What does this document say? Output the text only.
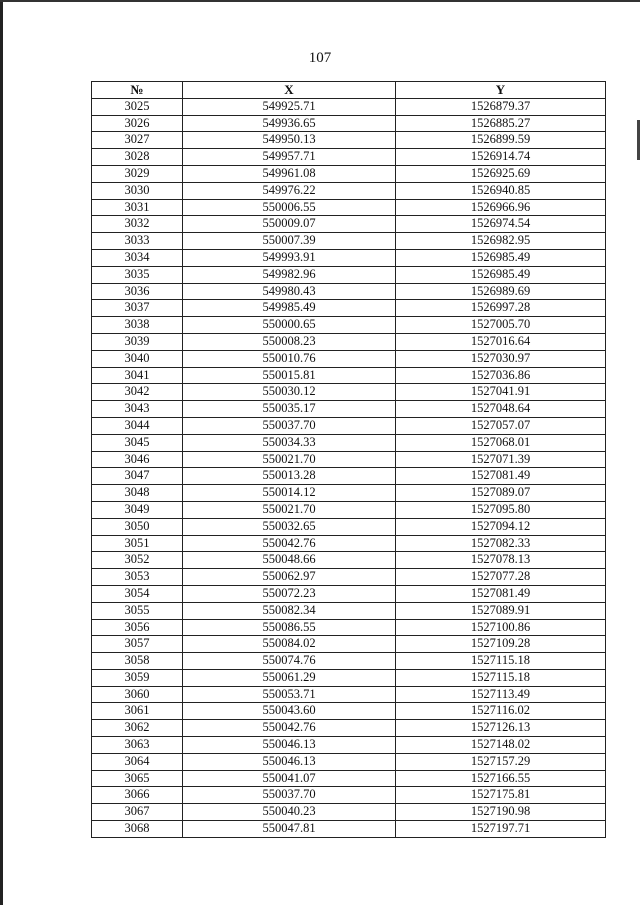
107
№	X	Y
3025	549925.71	1526879.37
3026	549936.65	1526885.27
3027	549950.13	1526899.59
3028	549957.71	1526914.74
3029	549961.08	1526925.69
3030	549976.22	1526940.85
3031	550006.55	1526966.96
3032	550009.07	1526974.54
3033	550007.39	1526982.95
3034	549993.91	1526985.49
3035	549982.96	1526985.49
3036	549980.43	1526989.69
3037	549985.49	1526997.28
3038	550000.65	1527005.70
3039	550008.23	1527016.64
3040	550010.76	1527030.97
3041	550015.81	1527036.86
3042	550030.12	1527041.91
3043	550035.17	1527048.64
3044	550037.70	1527057.07
3045	550034.33	1527068.01
3046	550021.70	1527071.39
3047	550013.28	1527081.49
3048	550014.12	1527089.07
3049	550021.70	1527095.80
3050	550032.65	1527094.12
3051	550042.76	1527082.33
3052	550048.66	1527078.13
3053	550062.97	1527077.28
3054	550072.23	1527081.49
3055	550082.34	1527089.91
3056	550086.55	1527100.86
3057	550084.02	1527109.28
3058	550074.76	1527115.18
3059	550061.29	1527115.18
3060	550053.71	1527113.49
3061	550043.60	1527116.02
3062	550042.76	1527126.13
3063	550046.13	1527148.02
3064	550046.13	1527157.29
3065	550041.07	1527166.55
3066	550037.70	1527175.81
3067	550040.23	1527190.98
3068	550047.81	1527197.71
